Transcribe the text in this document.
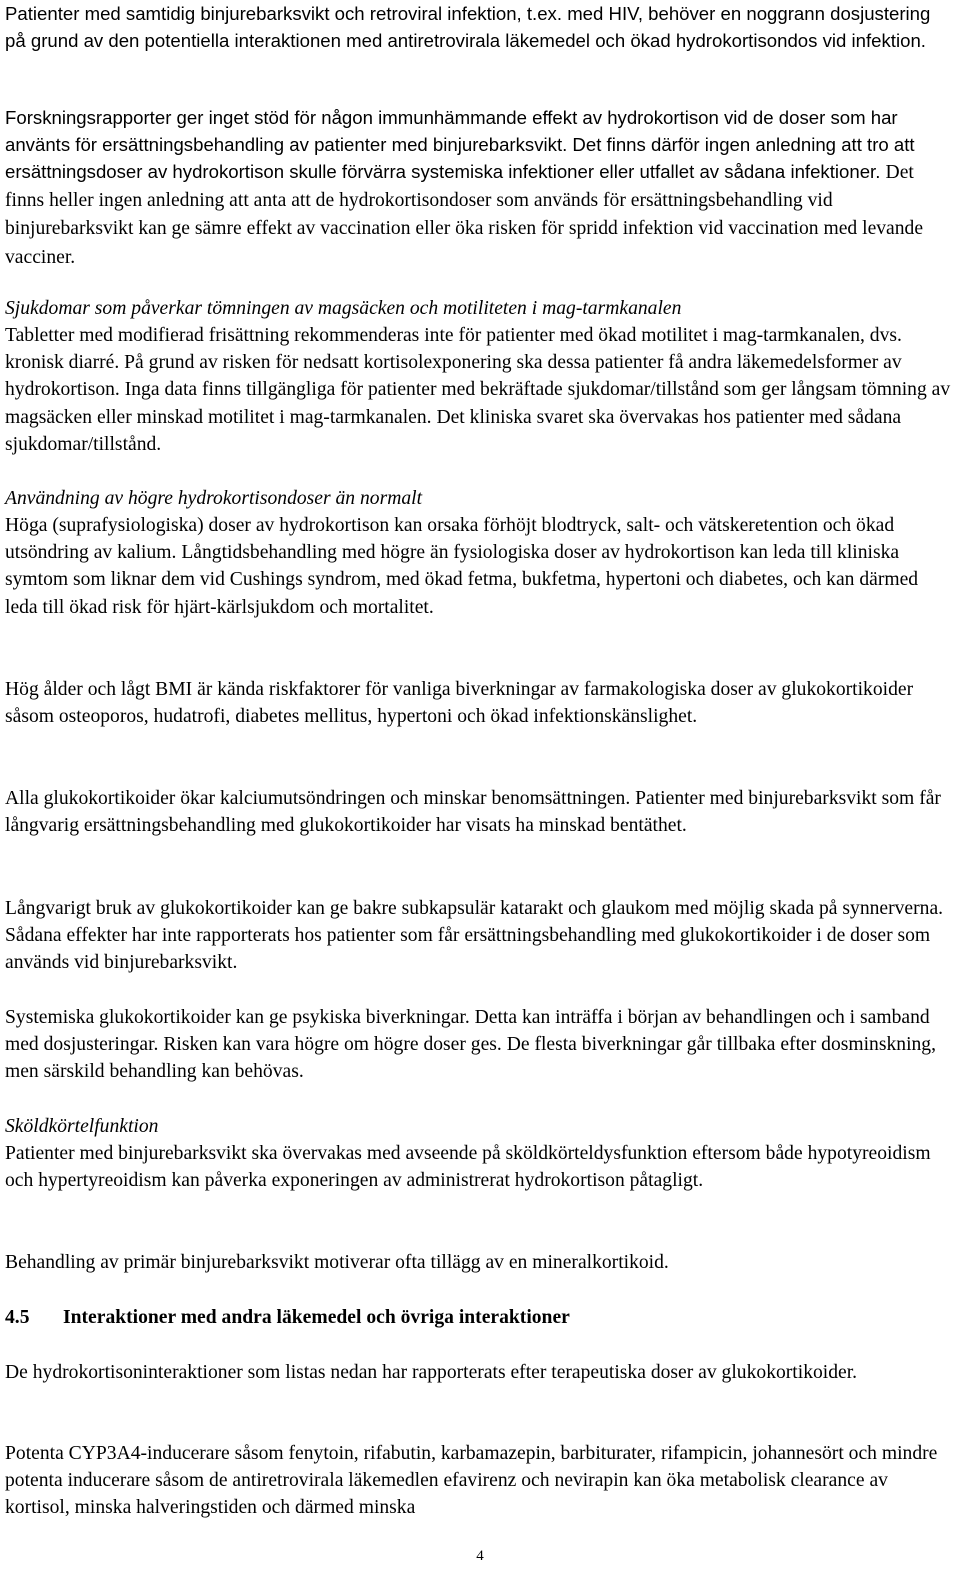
Patienter med samtidig binjurebarksvikt och retroviral infektion, t.ex. med HIV, behöver en noggrann dosjustering på grund av den potentiella interaktionen med antiretrovirala läkemedel och ökad hydrokortisondos vid infektion.
Forskningsrapporter ger inget stöd för någon immunhämmande effekt av hydrokortison vid de doser som har använts för ersättningsbehandling av patienter med binjurebarksvikt. Det finns därför ingen anledning att tro att ersättningsdoser av hydrokortison skulle förvärra systemiska infektioner eller utfallet av sådana infektioner. Det finns heller ingen anledning att anta att de hydrokortisondoser som används för ersättningsbehandling vid binjurebarksvikt kan ge sämre effekt av vaccination eller öka risken för spridd infektion vid vaccination med levande vacciner.
Sjukdomar som påverkar tömningen av magsäcken och motiliteten i mag-tarmkanalen
Tabletter med modifierad frisättning rekommenderas inte för patienter med ökad motilitet i mag-tarmkanalen, dvs. kronisk diarré. På grund av risken för nedsatt kortisolexponering ska dessa patienter få andra läkemedelsformer av hydrokortison. Inga data finns tillgängliga för patienter med bekräftade sjukdomar/tillstånd som ger långsam tömning av magsäcken eller minskad motilitet i mag-tarmkanalen. Det kliniska svaret ska övervakas hos patienter med sådana sjukdomar/tillstånd.
Användning av högre hydrokortisondoser än normalt
Höga (suprafysiologiska) doser av hydrokortison kan orsaka förhöjt blodtryck, salt- och vätskeretention och ökad utsöndring av kalium. Långtidsbehandling med högre än fysiologiska doser av hydrokortison kan leda till kliniska symtom som liknar dem vid Cushings syndrom, med ökad fetma, bukfetma, hypertoni och diabetes, och kan därmed leda till ökad risk för hjärt-kärlsjukdom och mortalitet.
Hög ålder och lågt BMI är kända riskfaktorer för vanliga biverkningar av farmakologiska doser av glukokortikoider såsom osteoporos, hudatrofi, diabetes mellitus, hypertoni och ökad infektionskänslighet.
Alla glukokortikoider ökar kalciumutsöndringen och minskar benomsättningen. Patienter med binjurebarksvikt som får långvarig ersättningsbehandling med glukokortikoider har visats ha minskad bentäthet.
Långvarigt bruk av glukokortikoider kan ge bakre subkapsulär katarakt och glaukom med möjlig skada på synnerverna. Sådana effekter har inte rapporterats hos patienter som får ersättningsbehandling med glukokortikoider i de doser som används vid binjurebarksvikt.
Systemiska glukokortikoider kan ge psykiska biverkningar. Detta kan inträffa i början av behandlingen och i samband med dosjusteringar. Risken kan vara högre om högre doser ges. De flesta biverkningar går tillbaka efter dosminskning, men särskild behandling kan behövas.
Sköldkörtelfunktion
Patienter med binjurebarksvikt ska övervakas med avseende på sköldkörteldysfunktion eftersom både hypotyreoidism och hypertyreoidism kan påverka exponeringen av administrerat hydrokortison påtagligt.
Behandling av primär binjurebarksvikt motiverar ofta tillägg av en mineralkortikoid.
4.5 Interaktioner med andra läkemedel och övriga interaktioner
De hydrokortisoninteraktioner som listas nedan har rapporterats efter terapeutiska doser av glukokortikoider.
Potenta CYP3A4-inducerare såsom fenytoin, rifabutin, karbamazepin, barbiturater, rifampicin, johannesört och mindre potenta inducerare såsom de antiretrovirala läkemedlen efavirenz och nevirapin kan öka metabolisk clearance av kortisol, minska halveringstiden och därmed minska
4
